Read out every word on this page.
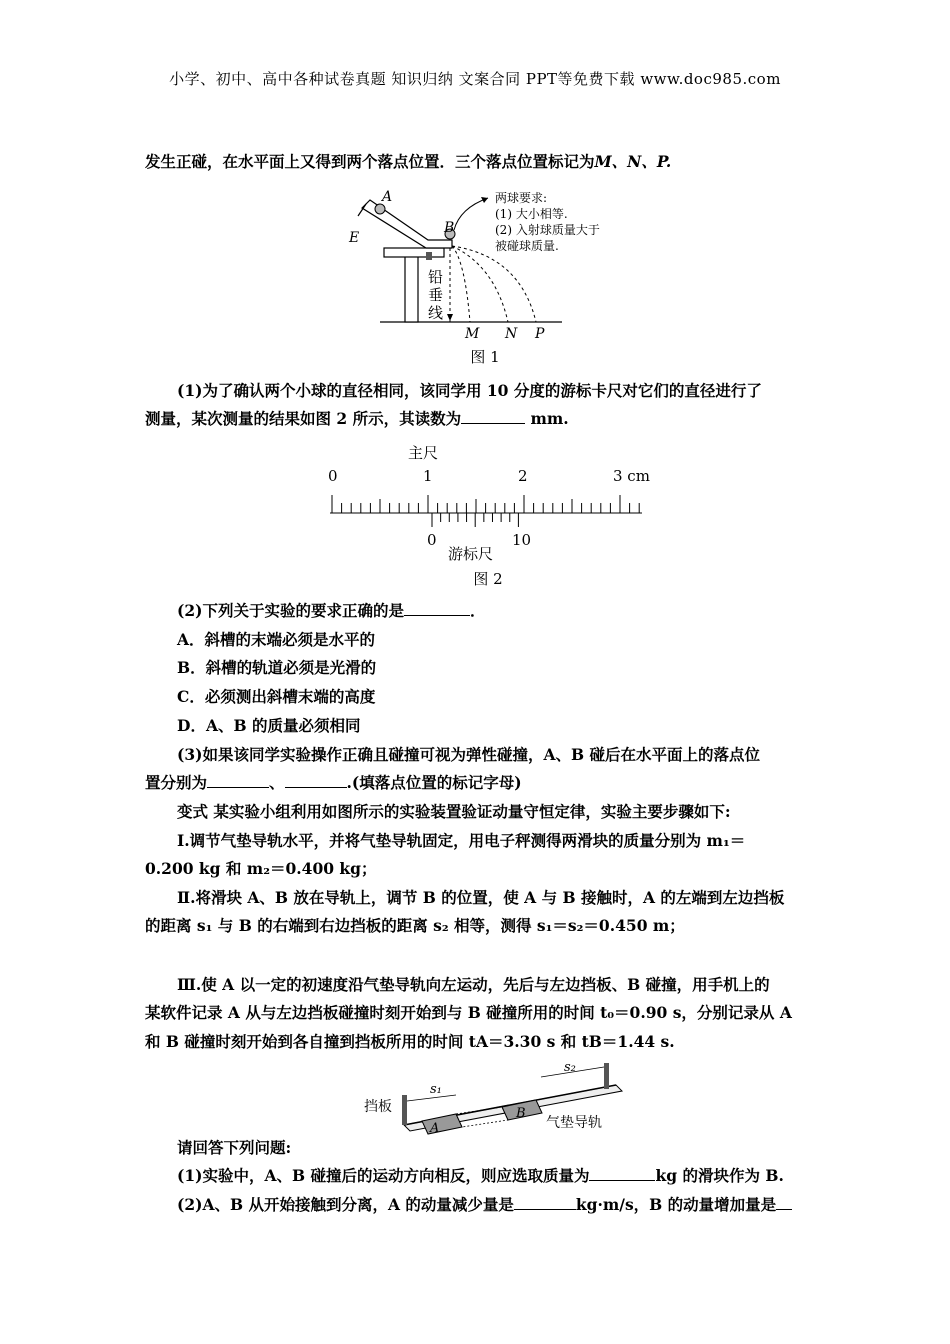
小学、初中、高中各种试卷真题 知识归纳 文案合同 PPT等免费下载 www.doc985.com
发生正碰，在水平面上又得到两个落点位置．三个落点位置标记为M、N、P.
A
E
B
铅
垂
线
M N P
两球要求:
(1) 大小相等.
(2) 入射球质量大于
被碰球质量.
图 1
(1)为了确认两个小球的直径相同，该同学用 10 分度的游标卡尺对它们的直径进行了
测量，某次测量的结果如图 2 所示，其读数为	mm.
主尺
0	1	2	3 cm
0	10
游标尺
图 2
(2)下列关于实验的要求正确的是	．
A．斜槽的末端必须是水平的
B．斜槽的轨道必须是光滑的
C．必须测出斜槽末端的高度
D．A、B 的质量必须相同
(3)如果该同学实验操作正确且碰撞可视为弹性碰撞，A、B 碰后在水平面上的落点位
置分别为	、	.(填落点位置的标记字母)
变式 某实验小组利用如图所示的实验装置验证动量守恒定律，实验主要步骤如下:
Ⅰ.调节气垫导轨水平，并将气垫导轨固定，用电子秤测得两滑块的质量分别为 m₁＝
0.200 kg 和 m₂＝0.400 kg；
Ⅱ.将滑块 A、B 放在导轨上，调节 B 的位置，使 A 与 B 接触时，A 的左端到左边挡板
的距离 s₁ 与 B 的右端到右边挡板的距离 s₂ 相等，测得 s₁＝s₂＝0.450 m；
Ⅲ.使 A 以一定的初速度沿气垫导轨向左运动，先后与左边挡板、B 碰撞，用手机上的
某软件记录 A 从与左边挡板碰撞时刻开始到与 B 碰撞所用的时间 t₀＝0.90 s，分别记录从 A
和 B 碰撞时刻开始到各自撞到挡板所用的时间 tA＝3.30 s 和 tB＝1.44 s.
A
B
s₁
s₂
挡板
气垫导轨
请回答下列问题:
(1)实验中，A、B 碰撞后的运动方向相反，则应选取质量为	kg 的滑块作为 B.
(2)A、B 从开始接触到分离，A 的动量减少量是	kg·m/s，B 的动量增加量是
